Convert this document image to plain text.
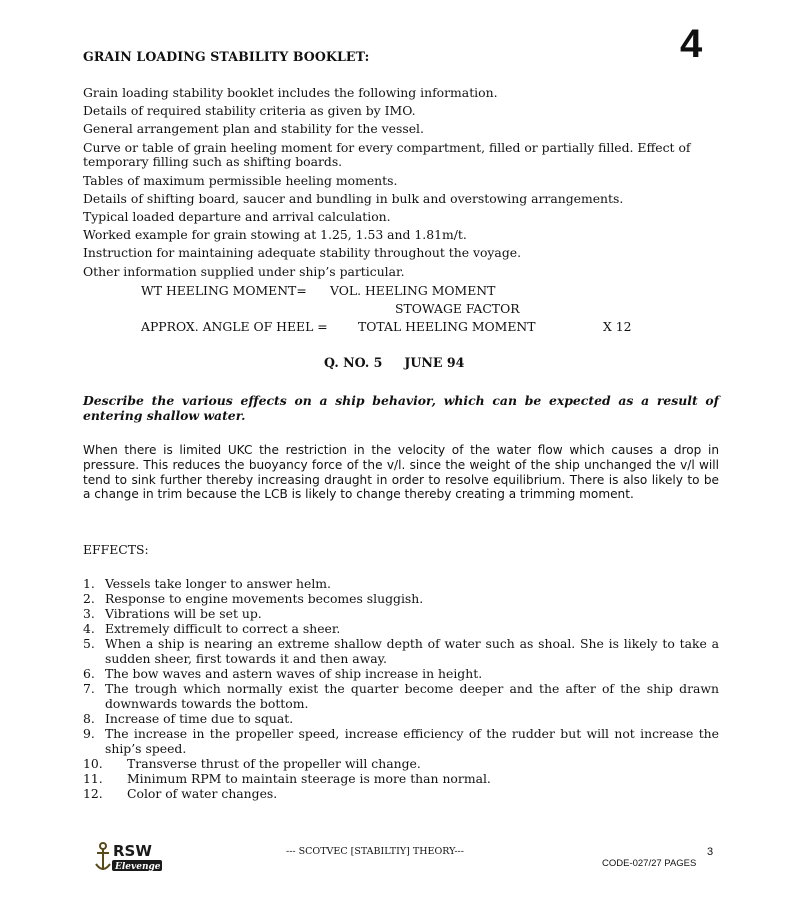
4
GRAIN LOADING STABILITY BOOKLET:
Grain loading stability booklet includes the following information.
Details of required stability criteria as given by IMO.
General arrangement plan and stability for the vessel.
Curve or table of grain heeling moment for every compartment, filled or partially filled. Effect of temporary filling such as shifting boards.
Tables of maximum permissible heeling moments.
Details of shifting board, saucer and bundling in bulk and overstowing arrangements.
Typical loaded departure and arrival calculation.
Worked example for grain stowing at 1.25, 1.53 and 1.81m/t.
Instruction for maintaining adequate stability throughout the voyage.
Other information supplied under ship’s particular.
WT HEELING MOMENT= VOL. HEELING MOMENT
STOWAGE FACTOR
APPROX. ANGLE OF HEEL = TOTAL HEELING MOMENT	X 12
Q. NO. 5 JUNE 94
Describe the various effects on a ship behavior, which can be expected as a result of entering shallow water.
When there is limited UKC the restriction in the velocity of the water flow which causes a drop in pressure. This reduces the buoyancy force of the v/l. since the weight of the ship unchanged the v/l will tend to sink further thereby increasing draught in order to resolve equilibrium. There is also likely to be a change in trim because the LCB is likely to change thereby creating a trimming moment.
EFFECTS:
1. Vessels take longer to answer helm.
2. Response to engine movements becomes sluggish.
3. Vibrations will be set up.
4. Extremely difficult to correct a sheer.
5. When a ship is nearing an extreme shallow depth of water such as shoal. She is likely to take a sudden sheer, first towards it and then away.
6. The bow waves and astern waves of ship increase in height.
7. The trough which normally exist the quarter become deeper and the after of the ship drawn downwards towards the bottom.
8. Increase of time due to squat.
9. The increase in the propeller speed, increase efficiency of the rudder but will not increase the ship’s speed.
10. Transverse thrust of the propeller will change.
11. Minimum RPM to maintain steerage is more than normal.
12. Color of water changes.
RSW
Elevenge
--- SCOTVEC [STABILTIY] THEORY---	3
CODE-027/27 PAGES
